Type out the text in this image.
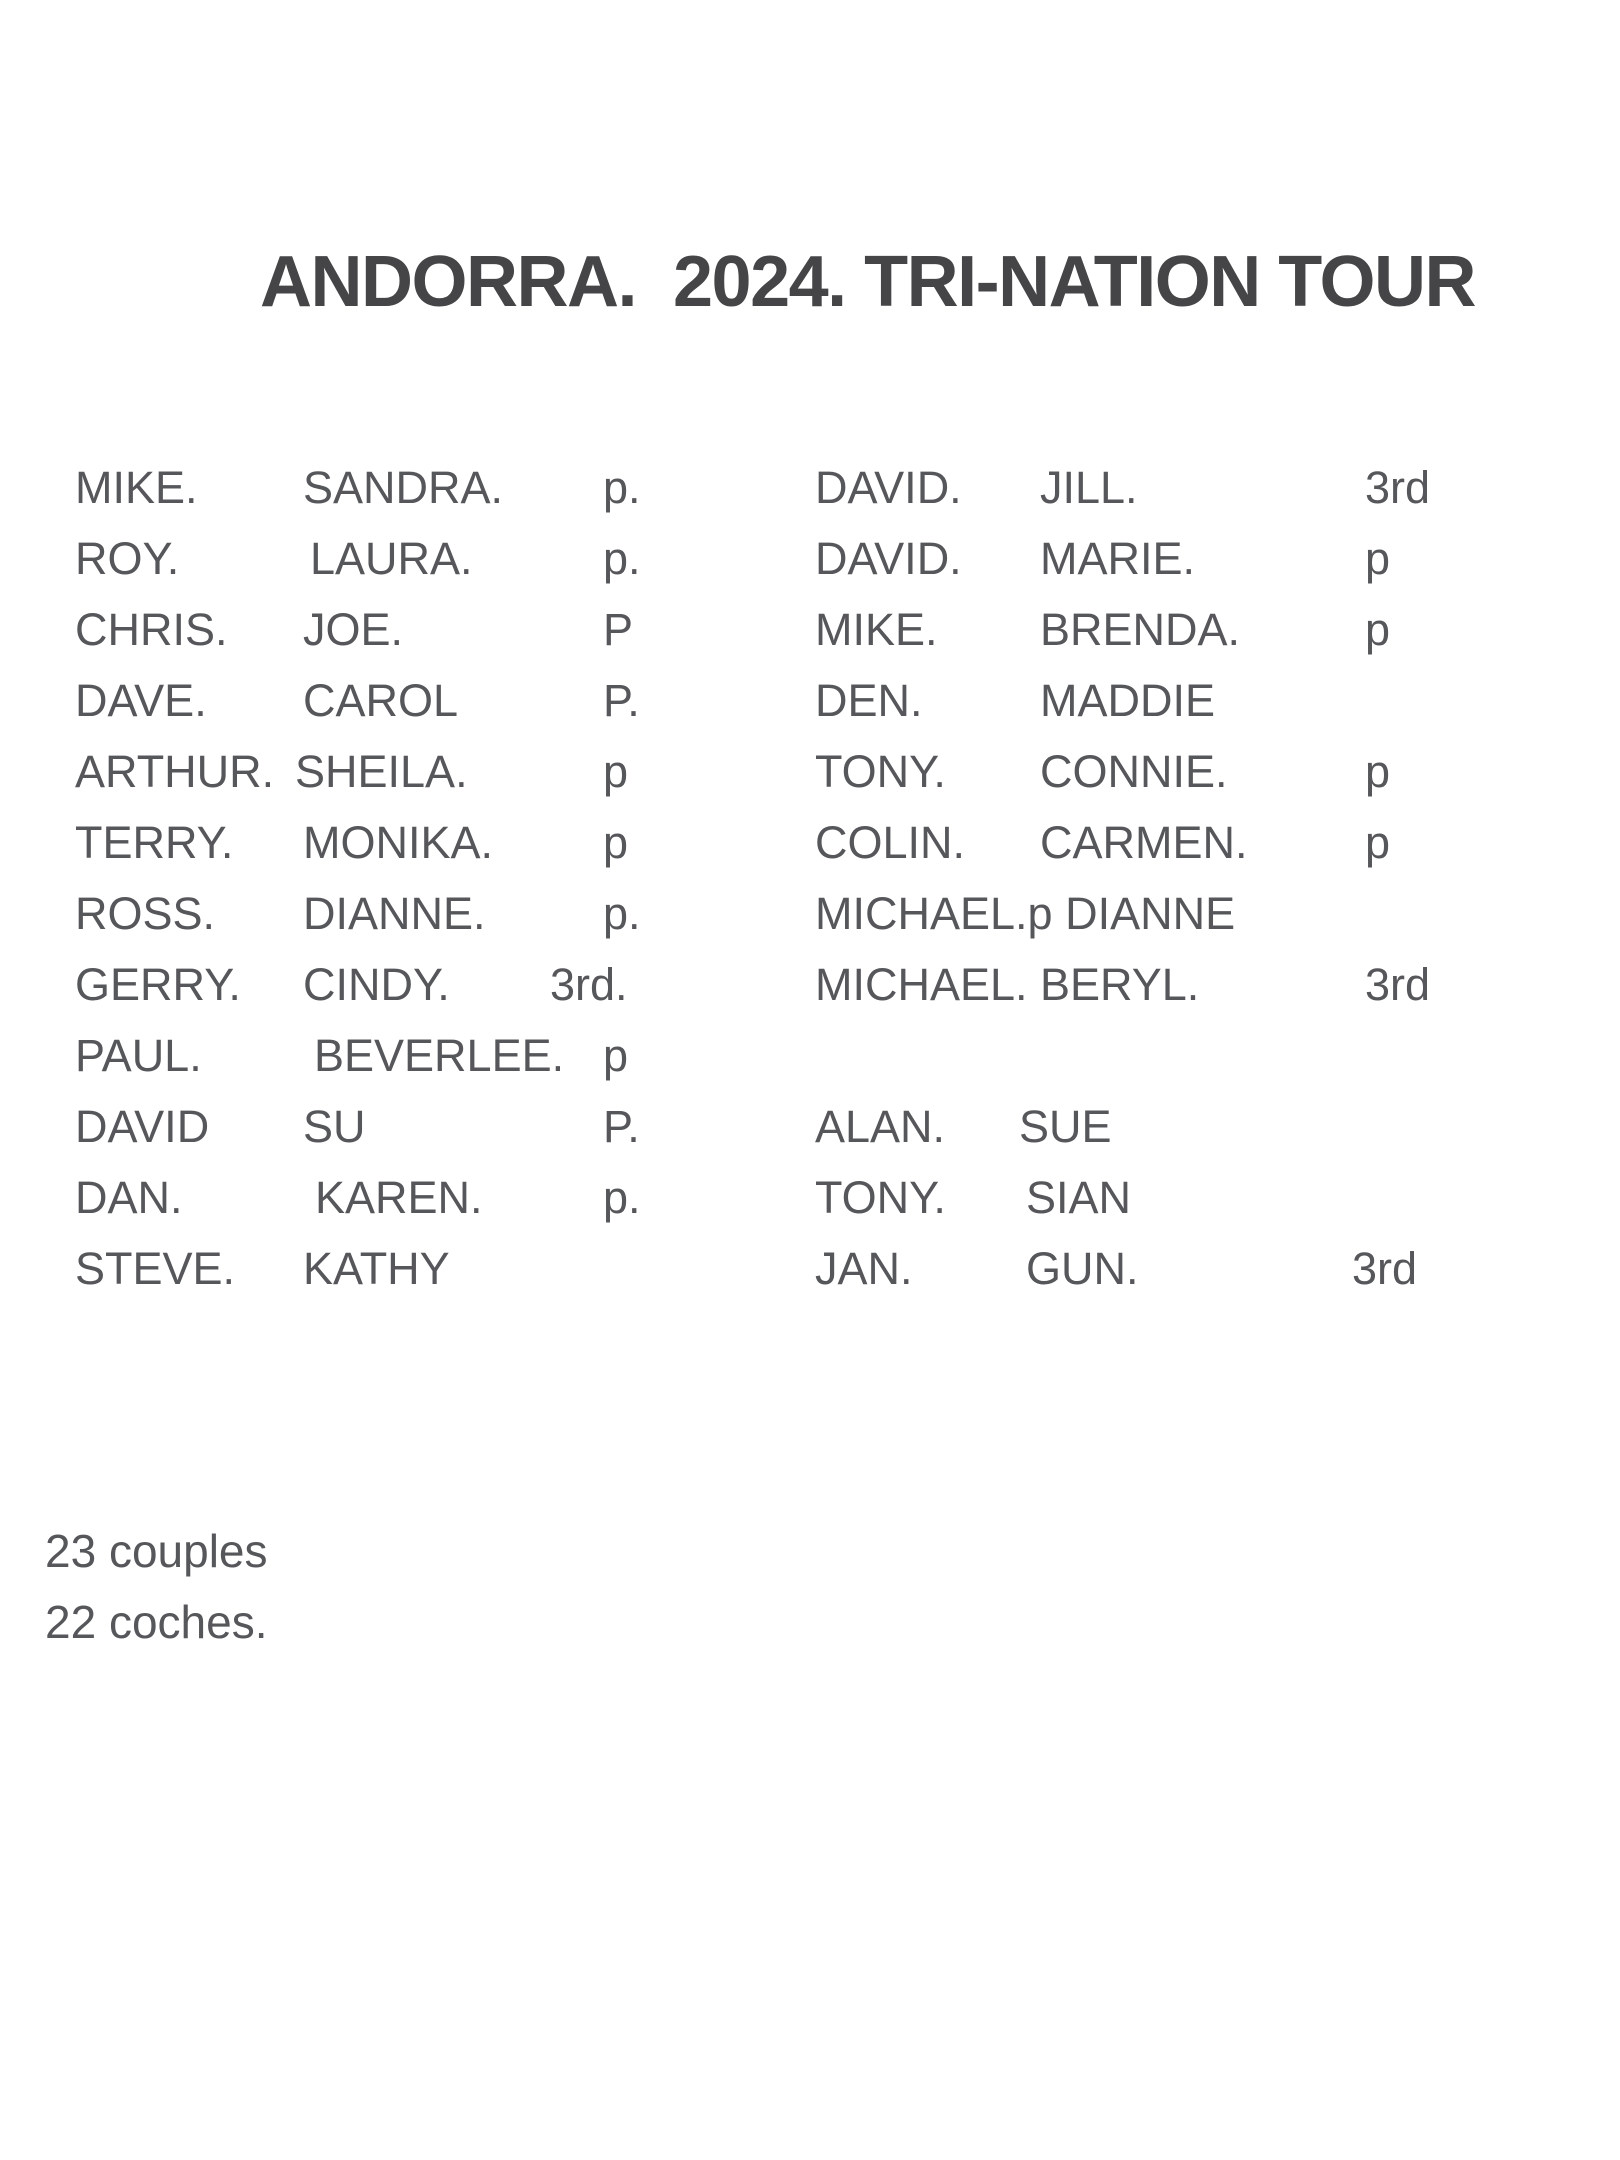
ANDORRA.  2024. TRI-NATION TOUR
MIKE. SANDRA. p.	DAVID. JILL.	3rd
ROY.	LAURA.	p.	DAVID. MARIE.	p
CHRIS. JOE.	P	MIKE. BRENDA.	p
DAVE. CAROL	P.	DEN.	MADDIE
ARTHUR. SHEILA.	p	TONY. CONNIE.	p
TERRY. MONIKA. p	COLIN. CARMEN.	p
ROSS. DIANNE.	p.	MICHAEL.p DIANNE
GERRY. CINDY. 3rd.	MICHAEL. BERYL.	3rd
PAUL. BEVERLEE. p
DAVID SU	P.	ALAN. SUE
DAN.	KAREN.	p.	TONY. SIAN
STEVE. KATHY	JAN.	GUN.	3rd
23 couples
22 coches.
